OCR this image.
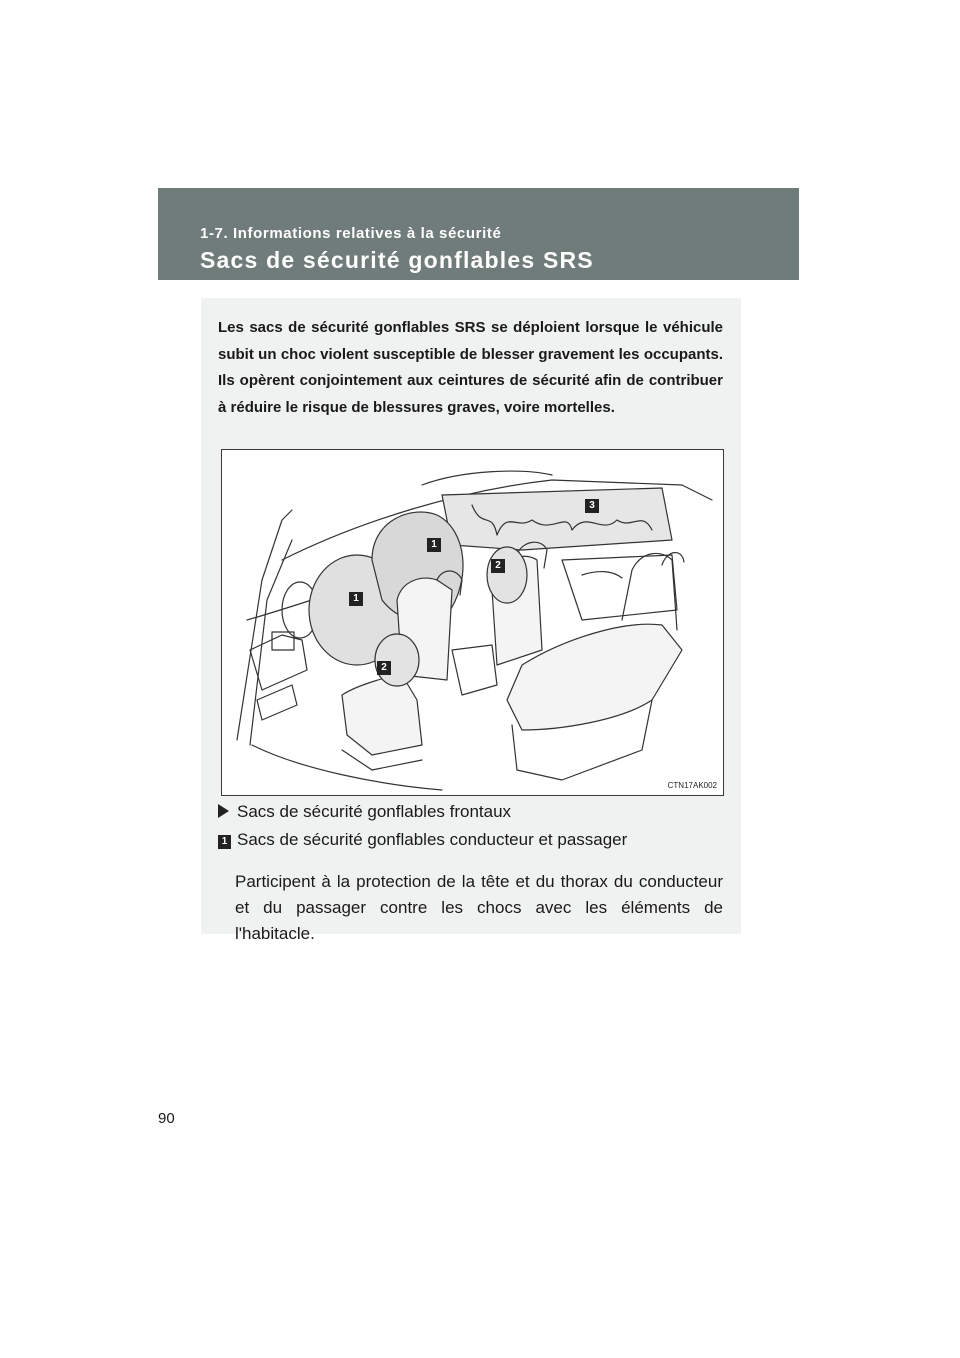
1-7. Informations relatives à la sécurité
Sacs de sécurité gonflables SRS
Les sacs de sécurité gonflables SRS se déploient lorsque le véhicule subit un choc violent susceptible de blesser gravement les occupants. Ils opèrent conjointement aux ceintures de sécurité afin de contribuer à réduire le risque de blessures graves, voire mortelles.
1
1
2
2
3
CTN17AK002
Sacs de sécurité gonflables frontaux
1 Sacs de sécurité gonflables conducteur et passager
Participent à la protection de la tête et du thorax du conducteur et du passager contre les chocs avec les éléments de l'habitacle.
90
